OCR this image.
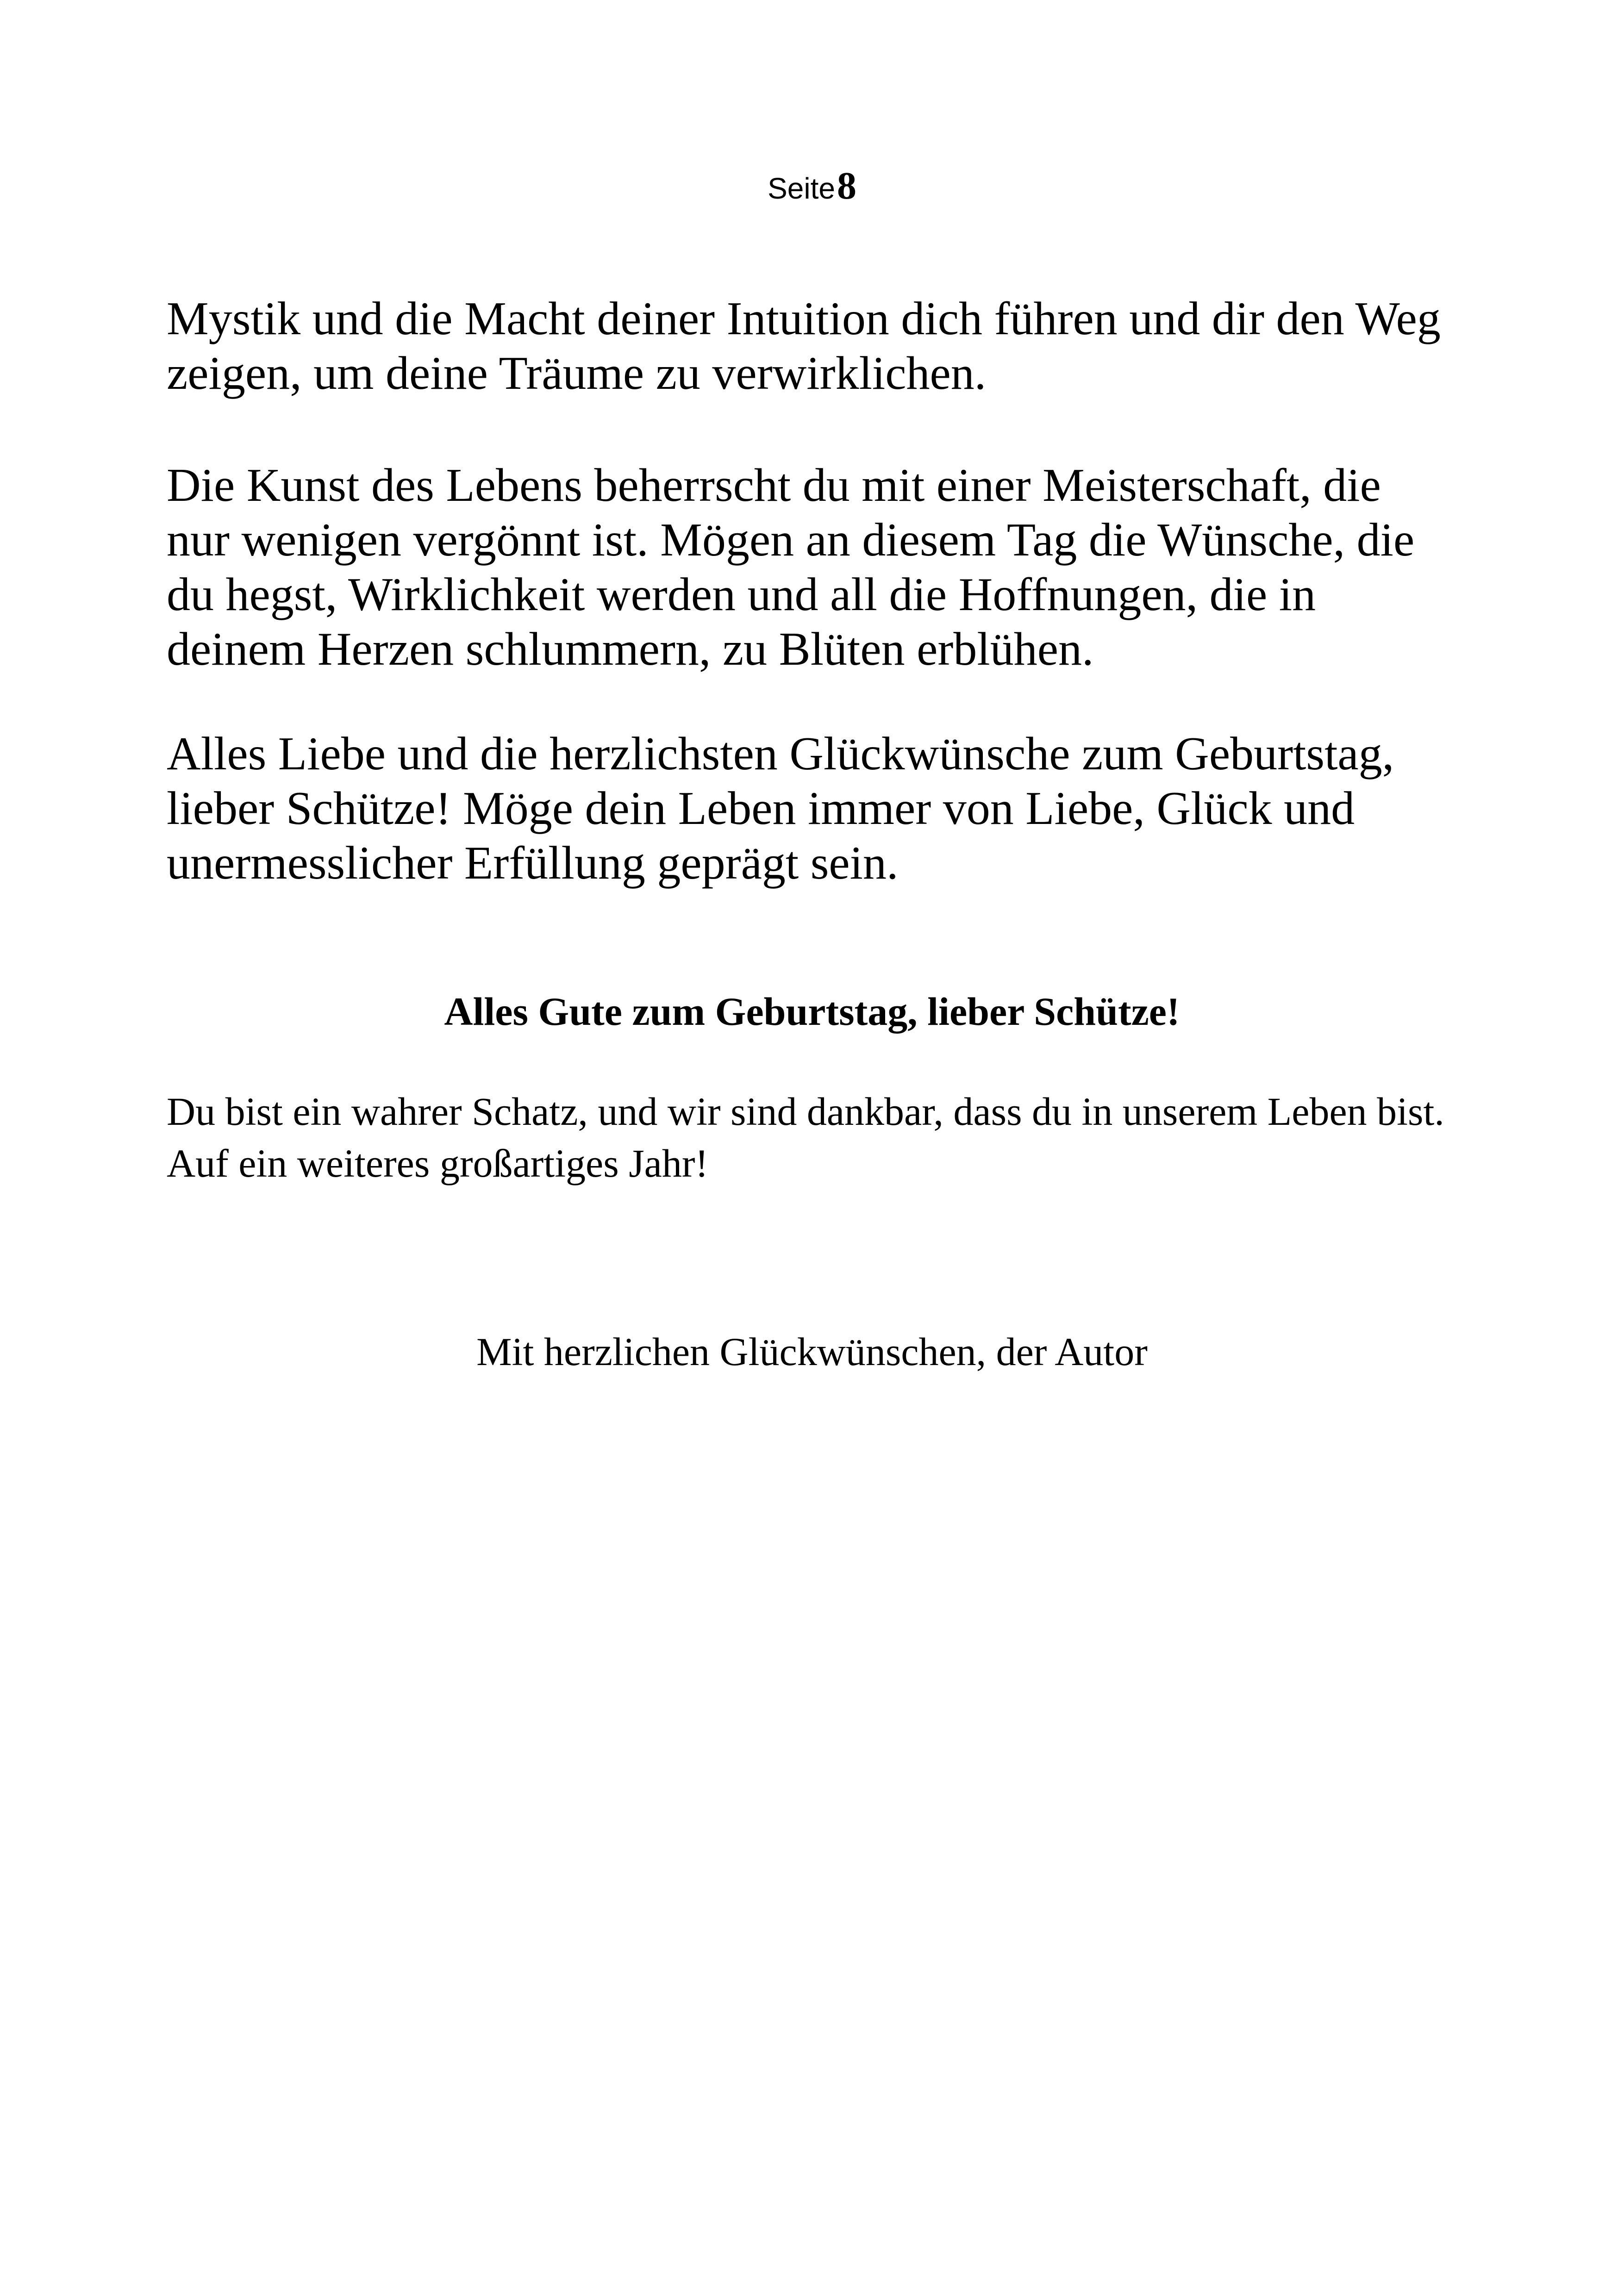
Seite 8

Mystik und die Macht deiner Intuition dich führen und dir den Weg zeigen, um deine Träume zu verwirklichen.

Die Kunst des Lebens beherrscht du mit einer Meisterschaft, die nur wenigen vergönnt ist. Mögen an diesem Tag die Wünsche, die du hegst, Wirklichkeit werden und all die Hoffnungen, die in deinem Herzen schlummern, zu Blüten erblühen.

Alles Liebe und die herzlichsten Glückwünsche zum Geburtstag, lieber Schütze! Möge dein Leben immer von Liebe, Glück und unermesslicher Erfüllung geprägt sein.

Alles Gute zum Geburtstag, lieber Schütze!

Du bist ein wahrer Schatz, und wir sind dankbar, dass du in unserem Leben bist. Auf ein weiteres großartiges Jahr!

Mit herzlichen Glückwünschen, der Autor
